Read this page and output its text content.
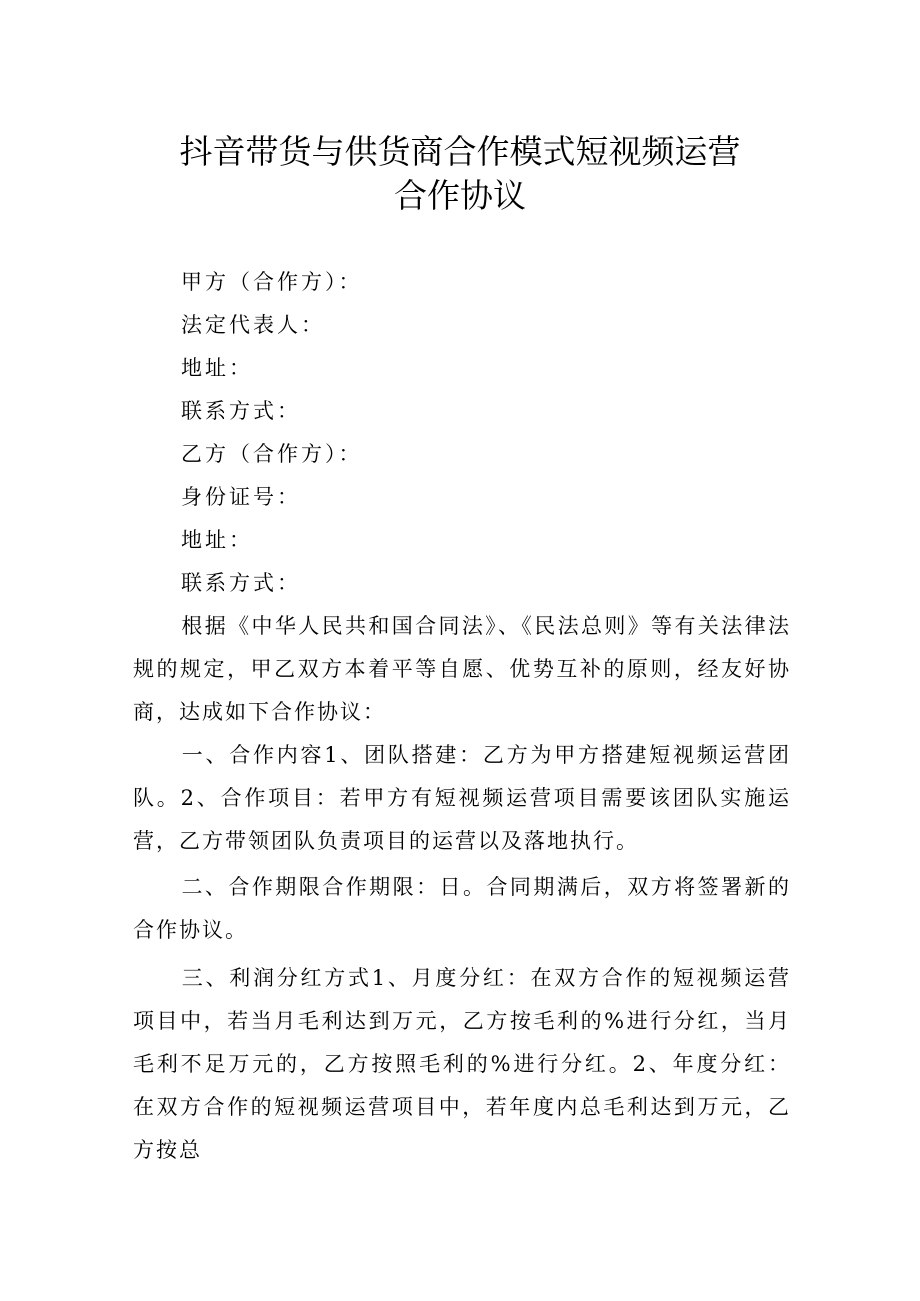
抖音带货与供货商合作模式短视频运营
合作协议
甲方（合作方）：
法定代表人：
地址：
联系方式：
乙方（合作方）：
身份证号：
地址：
联系方式：
根据《中华人民共和国合同法》、《民法总则》等有关法律法规的规定，甲乙双方本着平等自愿、优势互补的原则，经友好协商，达成如下合作协议：
一、合作内容1、团队搭建：乙方为甲方搭建短视频运营团队。2、合作项目：若甲方有短视频运营项目需要该团队实施运营，乙方带领团队负责项目的运营以及落地执行。
二、合作期限合作期限：日。合同期满后，双方将签署新的合作协议。
三、利润分红方式1、月度分红：在双方合作的短视频运营项目中，若当月毛利达到万元，乙方按毛利的%进行分红，当月毛利不足万元的，乙方按照毛利的%进行分红。2、年度分红：在双方合作的短视频运营项目中，若年度内总毛利达到万元，乙方按总
